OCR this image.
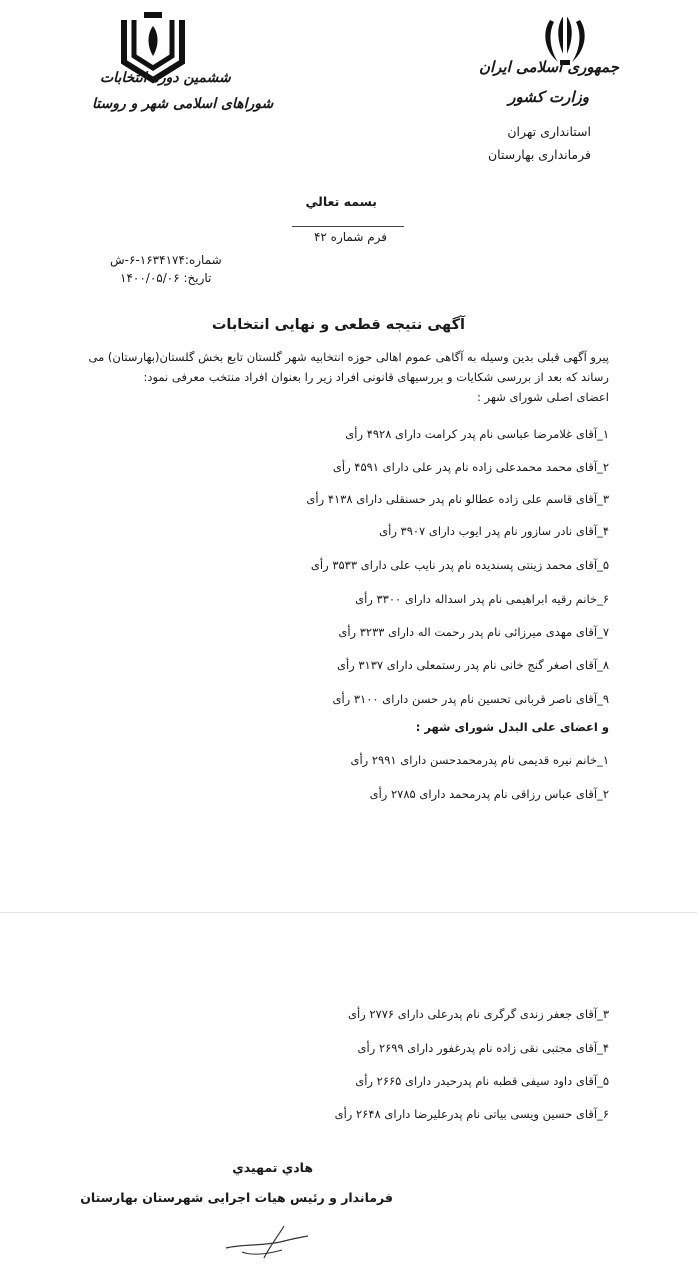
جمهوری اسلامی ایران
وزارت کشور
استانداری تهران
فرمانداری بهارستان
ششمین دوره انتخابات
شوراهای اسلامی شهر و روستا
بسمه تعالي
فرم شماره ۴۲
شماره:۱۶۳۴۱۷۴-۶-ش
تاریخ: ۱۴۰۰/۰۵/۰۶
آگهی نتیجه قطعی و نهایی انتخابات
پیرو آگهی قبلی بدین وسیله به آگاهی عموم اهالی حوزه انتخابیه شهر گلستان تابع بخش گلستان(بهارستان) می
رساند که بعد از بررسی شکایات و بررسیهای قانونی افراد زیر را بعنوان افراد منتخب معرفی نمود:
اعضای اصلی شورای شهر :
۱_آقای غلامرضا عباسی نام پدر کرامت دارای ۴۹۲۸ رأی
۲_آقای محمد محمدعلی زاده نام پدر علی دارای ۴۵۹۱ رأی
۳_آقای قاسم علی زاده عطالو نام پدر حسنقلی دارای ۴۱۳۸ رأی
۴_آقای نادر سازور نام پدر ایوب دارای ۳۹۰۷ رأی
۵_آقای محمد زینتی پسندیده نام پدر نایب علی دارای ۳۵۳۳ رأی
۶_خانم رقیه ابراهیمی نام پدر اسداله دارای ۳۳۰۰ رأی
۷_آقای مهدی میرزائی نام پدر رحمت اله دارای ۳۲۳۳ رأی
۸_آقای اصغر گنج خانی نام پدر رستمعلی دارای ۳۱۳۷ رأی
۹_آقای ناصر قربانی تحسین نام پدر حسن دارای ۳۱۰۰ رأی
و اعضای علی البدل شورای شهر :
۱_خانم نیره قدیمی نام پدرمحمدحسن دارای ۲۹۹۱ رأی
۲_آقای عباس رزاقی نام پدرمحمد دارای ۲۷۸۵ رأی
۳_آقای جعفر زندی گرگری نام پدرعلی دارای ۲۷۷۶ رأی
۴_آقای مجتبی نقی زاده نام پدرغفور دارای ۲۶۹۹ رأی
۵_آقای داود سیفی قطبه نام پدرحیدر دارای ۲۶۶۵ رأی
۶_آقای حسین ویسی بیاتی نام پدرعلیرضا دارای ۲۶۴۸ رأی
هادي تمهيدي
فرماندار و رئیس هیات اجرایی شهرستان بهارستان
